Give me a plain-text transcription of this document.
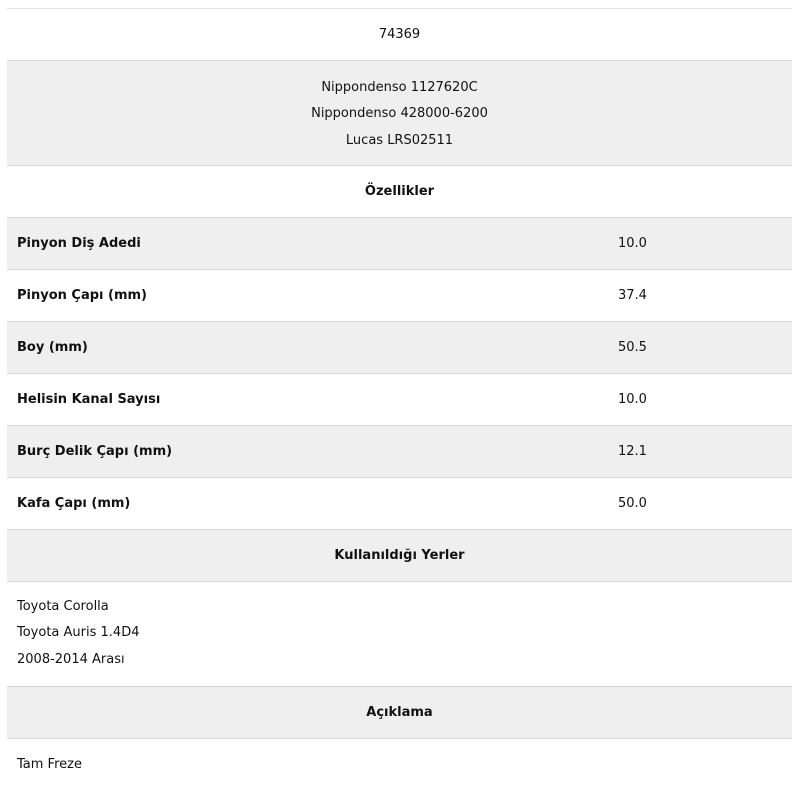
74369
Nippondenso 1127620C
Nippondenso 428000-6200
Lucas LRS02511
Özellikler
Pinyon Diş Adedi	10.0
Pinyon Çapı (mm)	37.4
Boy (mm)	50.5
Helisin Kanal Sayısı	10.0
Burç Delik Çapı (mm)	12.1
Kafa Çapı (mm)	50.0
Kullanıldığı Yerler
Toyota Corolla
Toyota Auris 1.4D4
2008-2014 Arası
Açıklama
Tam Freze
